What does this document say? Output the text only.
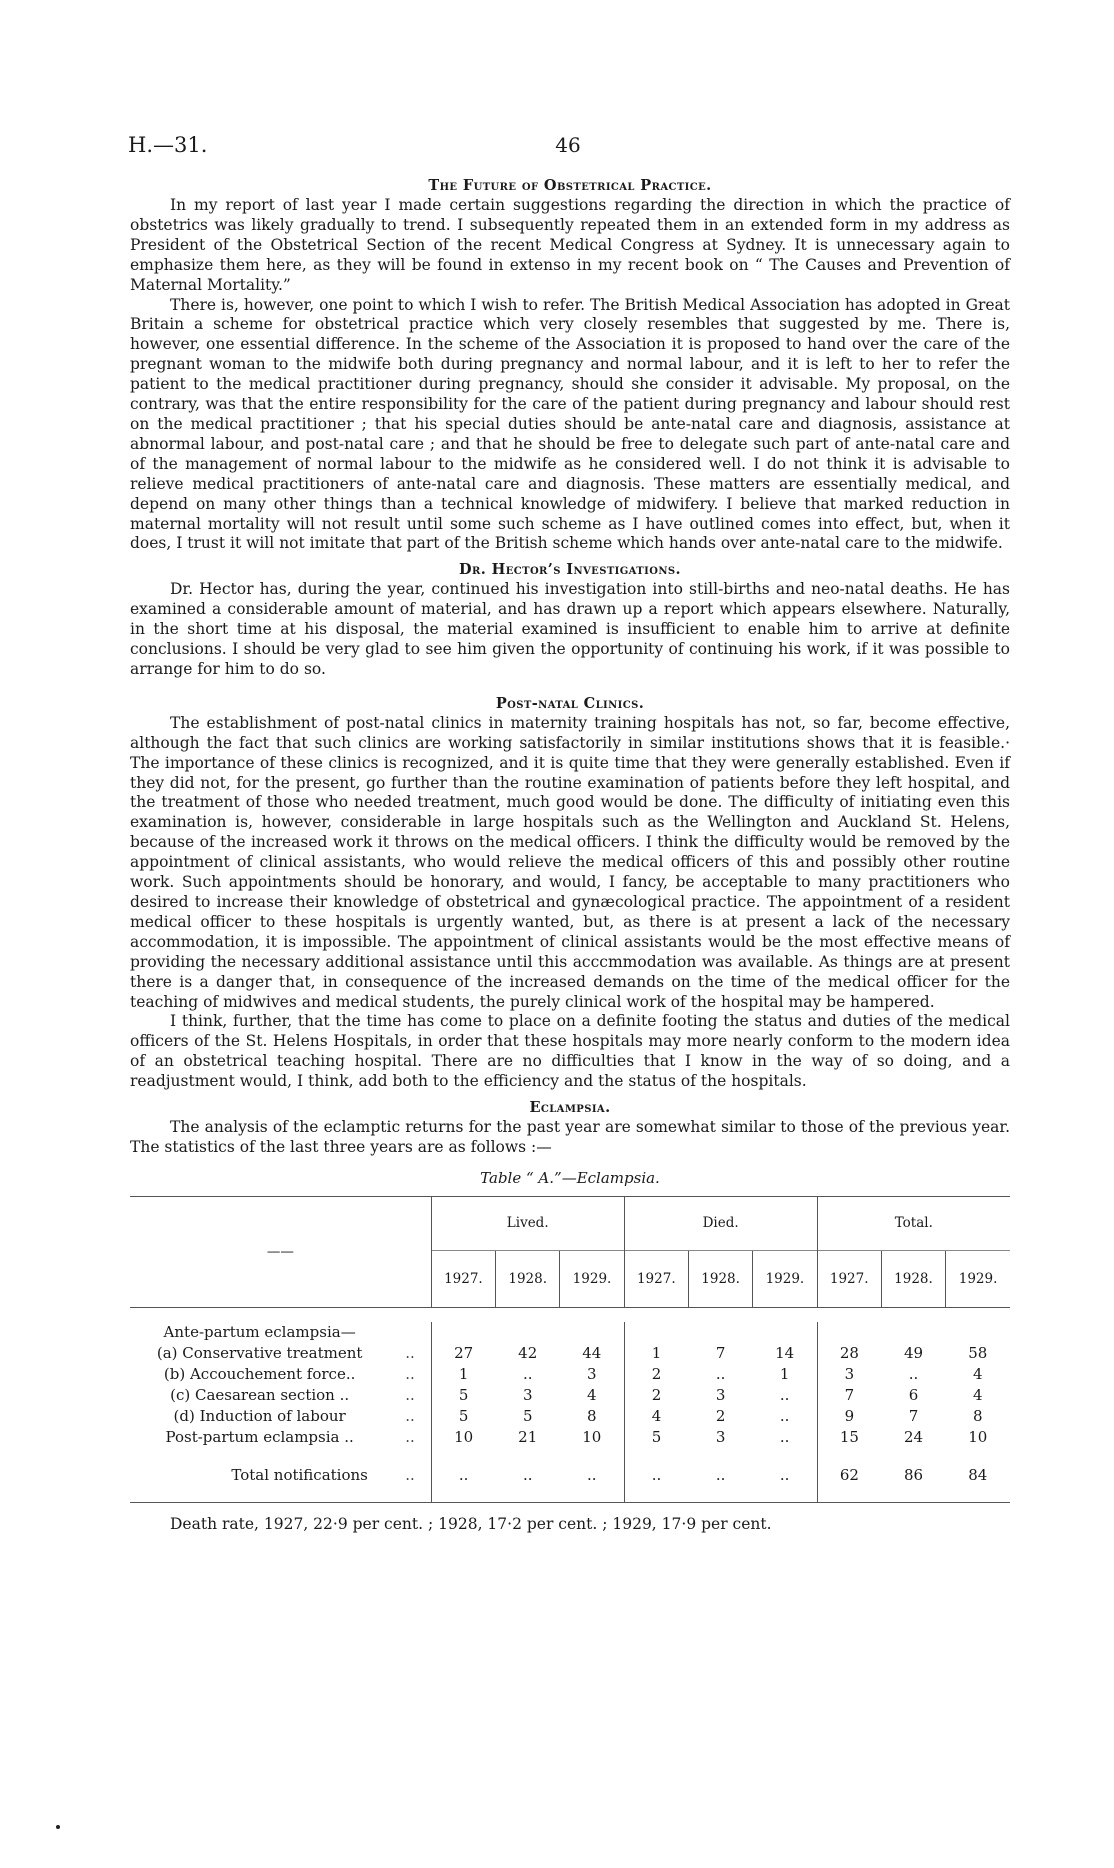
H.—31.	46
The Future of Obstetrical Practice.

In my report of last year I made certain suggestions regarding the direction in which the practice of obstetrics was likely gradually to trend. I subsequently repeated them in an extended form in my address as President of the Obstetrical Section of the recent Medical Congress at Sydney. It is unnecessary again to emphasize them here, as they will be found in extenso in my recent book on “ The Causes and Prevention of Maternal Mortality.”

There is, however, one point to which I wish to refer. The British Medical Association has adopted in Great Britain a scheme for obstetrical practice which very closely resembles that suggested by me. There is, however, one essential difference. In the scheme of the Association it is proposed to hand over the care of the pregnant woman to the midwife both during pregnancy and normal labour, and it is left to her to refer the patient to the medical practitioner during pregnancy, should she consider it advisable. My proposal, on the contrary, was that the entire responsibility for the care of the patient during pregnancy and labour should rest on the medical practitioner ; that his special duties should be ante-natal care and diagnosis, assistance at abnormal labour, and post-natal care ; and that he should be free to delegate such part of ante-natal care and of the management of normal labour to the midwife as he considered well. I do not think it is advisable to relieve medical practitioners of ante-natal care and diagnosis. These matters are essentially medical, and depend on many other things than a technical knowledge of midwifery. I believe that marked reduction in maternal mortality will not result until some such scheme as I have outlined comes into effect, but, when it does, I trust it will not imitate that part of the British scheme which hands over ante-natal care to the midwife.

Dr. Hector’s Investigations.

Dr. Hector has, during the year, continued his investigation into still-births and neo-natal deaths. He has examined a considerable amount of material, and has drawn up a report which appears elsewhere. Naturally, in the short time at his disposal, the material examined is insufficient to enable him to arrive at definite conclusions. I should be very glad to see him given the opportunity of continuing his work, if it was possible to arrange for him to do so.

Post-natal Clinics.

The establishment of post-natal clinics in maternity training hospitals has not, so far, become effective, although the fact that such clinics are working satisfactorily in similar institutions shows that it is feasible.· The importance of these clinics is recognized, and it is quite time that they were generally established. Even if they did not, for the present, go further than the routine examination of patients before they left hospital, and the treatment of those who needed treatment, much good would be done. The difficulty of initiating even this examination is, however, considerable in large hospitals such as the Wellington and Auckland St. Helens, because of the increased work it throws on the medical officers. I think the difficulty would be removed by the appointment of clinical assistants, who would relieve the medical officers of this and possibly other routine work. Such appointments should be honorary, and would, I fancy, be acceptable to many practitioners who desired to increase their knowledge of obstetrical and gynæcological practice. The appointment of a resident medical officer to these hospitals is urgently wanted, but, as there is at present a lack of the necessary accommodation, it is impossible. The appointment of clinical assistants would be the most effective means of providing the necessary additional assistance until this acccmmodation was available. As things are at present there is a danger that, in consequence of the increased demands on the time of the medical officer for the teaching of midwives and medical students, the purely clinical work of the hospital may be hampered.

I think, further, that the time has come to place on a definite footing the status and duties of the medical officers of the St. Helens Hospitals, in order that these hospitals may more nearly conform to the modern idea of an obstetrical teaching hospital. There are no difficulties that I know in the way of so doing, and a readjustment would, I think, add both to the efficiency and the status of the hospitals.

Eclampsia.

The analysis of the eclamptic returns for the past year are somewhat similar to those of the previous year. The statistics of the last three years are as follows :—

Table “ A.”—Eclampsia.
——		Lived.			Died.			Total.		
		1927.	1928.	1929.	1927.	1928.	1929.	1927.	1928.	1929.

Ante-partum eclampsia—										
(a) Conservative treatment	..	27	42	44	1	7	14	28	49	58
(b) Accouchement force..	..	1	..	3	2	..	1	3	..	4
(c) Caesarean section ..	..	5	3	4	2	3	..	7	6	4
(d) Induction of labour	..	5	5	8	4	2	..	9	7	8
Post-partum eclampsia ..	..	10	21	10	5	3	..	15	24	10
Total notifications	..	..	..	..	..	..	..	62	86	84
Death rate, 1927, 22·9 per cent. ; 1928, 17·2 per cent. ; 1929, 17·9 per cent.
